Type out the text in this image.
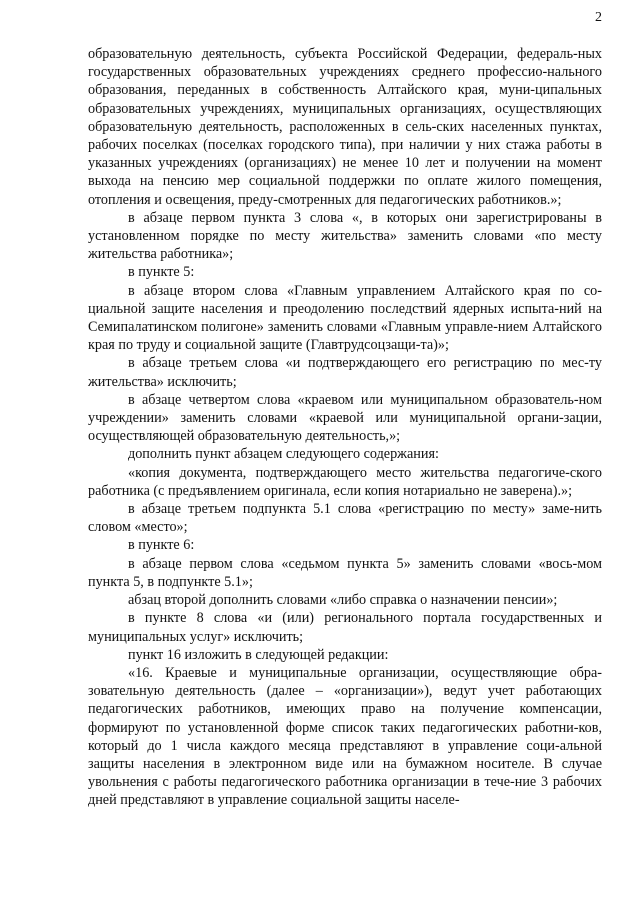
2

образовательную деятельность, субъекта Российской Федерации, федераль-ных государственных образовательных учреждениях среднего профессио-нального образования, переданных в собственность Алтайского края, муни-ципальных образовательных учреждениях, муниципальных организациях, осуществляющих образовательную деятельность, расположенных в сель-ских населенных пунктах, рабочих поселках (поселках городского типа), при наличии у них стажа работы в указанных учреждениях (организациях) не менее 10 лет и получении на момент выхода на пенсию мер социальной поддержки по оплате жилого помещения, отопления и освещения, преду-смотренных для педагогических работников.»;

в абзаце первом пункта 3 слова «, в которых они зарегистрированы в установленном порядке по месту жительства» заменить словами «по месту жительства работника»;

в пункте 5:

в абзаце втором слова «Главным управлением Алтайского края по со-циальной защите населения и преодолению последствий ядерных испыта-ний на Семипалатинском полигоне» заменить словами «Главным управле-нием Алтайского края по труду и социальной защите (Главтрудсоцзащи-та)»;

в абзаце третьем слова «и подтверждающего его регистрацию по мес-ту жительства» исключить;

в абзаце четвертом слова «краевом или муниципальном образователь-ном учреждении» заменить словами «краевой или муниципальной органи-зации, осуществляющей образовательную деятельность,»;

дополнить пункт абзацем следующего содержания:

«копия документа, подтверждающего место жительства педагогиче-ского работника (с предъявлением оригинала, если копия нотариально не заверена).»;

в абзаце третьем подпункта 5.1 слова «регистрацию по месту» заме-нить словом «место»;

в пункте 6:

в абзаце первом слова «седьмом пункта 5» заменить словами «вось-мом пункта 5, в подпункте 5.1»;

абзац второй дополнить словами «либо справка о назначении пенсии»;

в пункте 8 слова «и (или) регионального портала государственных и муниципальных услуг» исключить;

пункт 16 изложить в следующей редакции:

«16. Краевые и муниципальные организации, осуществляющие обра-зовательную деятельность (далее – «организации»), ведут учет работающих педагогических работников, имеющих право на получение компенсации, формируют по установленной форме список таких педагогических работни-ков, который до 1 числа каждого месяца представляют в управление соци-альной защиты населения в электронном виде или на бумажном носителе. В случае увольнения с работы педагогического работника организации в тече-ние 3 рабочих дней представляют в управление социальной защиты населе-
